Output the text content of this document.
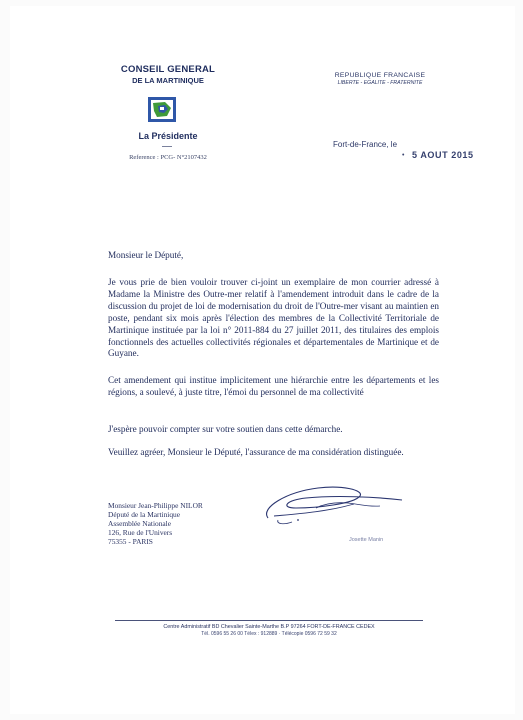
CONSEIL GENERAL
DE LA MARTINIQUE
La Présidente
Reference : PCG- N°2107432
REPUBLIQUE FRANCAISE
LIBERTE - EGALITE - FRATERNITE
Fort-de-France, le
• 5 AOUT 2015
Monsieur le Député,
Je vous prie de bien vouloir trouver ci-joint un exemplaire de mon courrier adressé à Madame la Ministre des Outre-mer relatif à l'amendement introduit dans le cadre de la discussion du projet de loi de modernisation du droit de l'Outre-mer visant au maintien en poste, pendant six mois après l'élection des membres de la Collectivité Territoriale de Martinique instituée par la loi n° 2011-884 du 27 juillet 2011, des titulaires des emplois fonctionnels des actuelles collectivités régionales et départementales de Martinique et de Guyane.
Cet amendement qui institue implicitement une hiérarchie entre les départements et les régions, a soulevé, à juste titre, l'émoi du personnel de ma collectivité
J'espère pouvoir compter sur votre soutien dans cette démarche.
Veuillez agréer, Monsieur le Député, l'assurance de ma considération distinguée.
Monsieur Jean-Philippe NILOR
Député de la Martinique
Assemblée Nationale
126, Rue de l'Univers
75355 - PARIS	Josette Manin
Centre Administratif BD Chevalier Sainte-Marthe B.P 97264 FORT-DE-FRANCE CEDEX
Tél. 0596 55 26 00 Télex : 912889 · Télécopie 0596 72 59 32
